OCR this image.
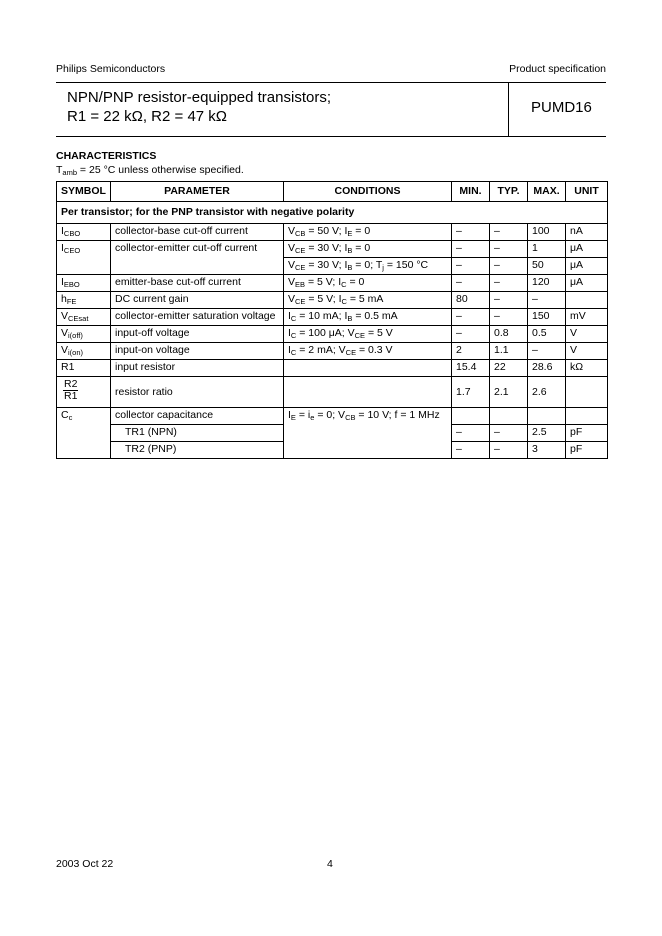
Philips Semiconductors	Product specification
NPN/PNP resistor-equipped transistors;
R1 = 22 kΩ, R2 = 47 kΩ
PUMD16
CHARACTERISTICS
$T_{amb} = 25$ °C unless otherwise specified.
SYMBOL	PARAMETER	CONDITIONS	MIN.	TYP.	MAX.	UNIT
Per transistor; for the PNP transistor with negative polarity						
$I_{CBO}$	collector-base cut-off current	$V_{CB} = 50$ V; $I_E = 0$	–	–	100	nA
$I_{CEO}$	collector-emitter cut-off current	$V_{CE} = 30$ V; $I_B = 0$	–	–	1	μA
		$V_{CE} = 30$ V; $I_B = 0$; $T_j = 150$ °C	–	–	50	μA
$I_{EBO}$	emitter-base cut-off current	$V_{EB} = 5$ V; $I_C = 0$	–	–	120	μA
$h_{FE}$	DC current gain	$V_{CE} = 5$ V; $I_C = 5$ mA	80	–	–	
$V_{CEsat}$	collector-emitter saturation voltage	$I_C = 10$ mA; $I_B = 0.5$ mA	–	–	150	mV
$V_{i(off)}$	input-off voltage	$I_C = 100$ μA; $V_{CE} = 5$ V	–	0.8	0.5	V
$V_{i(on)}$	input-on voltage	$I_C = 2$ mA; $V_{CE} = 0.3$ V	2	1.1	–	V
R1	input resistor		15.4	22	28.6	kΩ

$\frac{R2}{R1}$	resistor ratio		1.7	2.1	2.6	
$C_c$	collector capacitance	$I_E = i_e = 0$; $V_{CB} = 10$ V; f = 1 MHz				
	TR1 (NPN)		–	–	2.5	pF
	TR2 (PNP)		–	–	3	pF
2003 Oct 22	4
